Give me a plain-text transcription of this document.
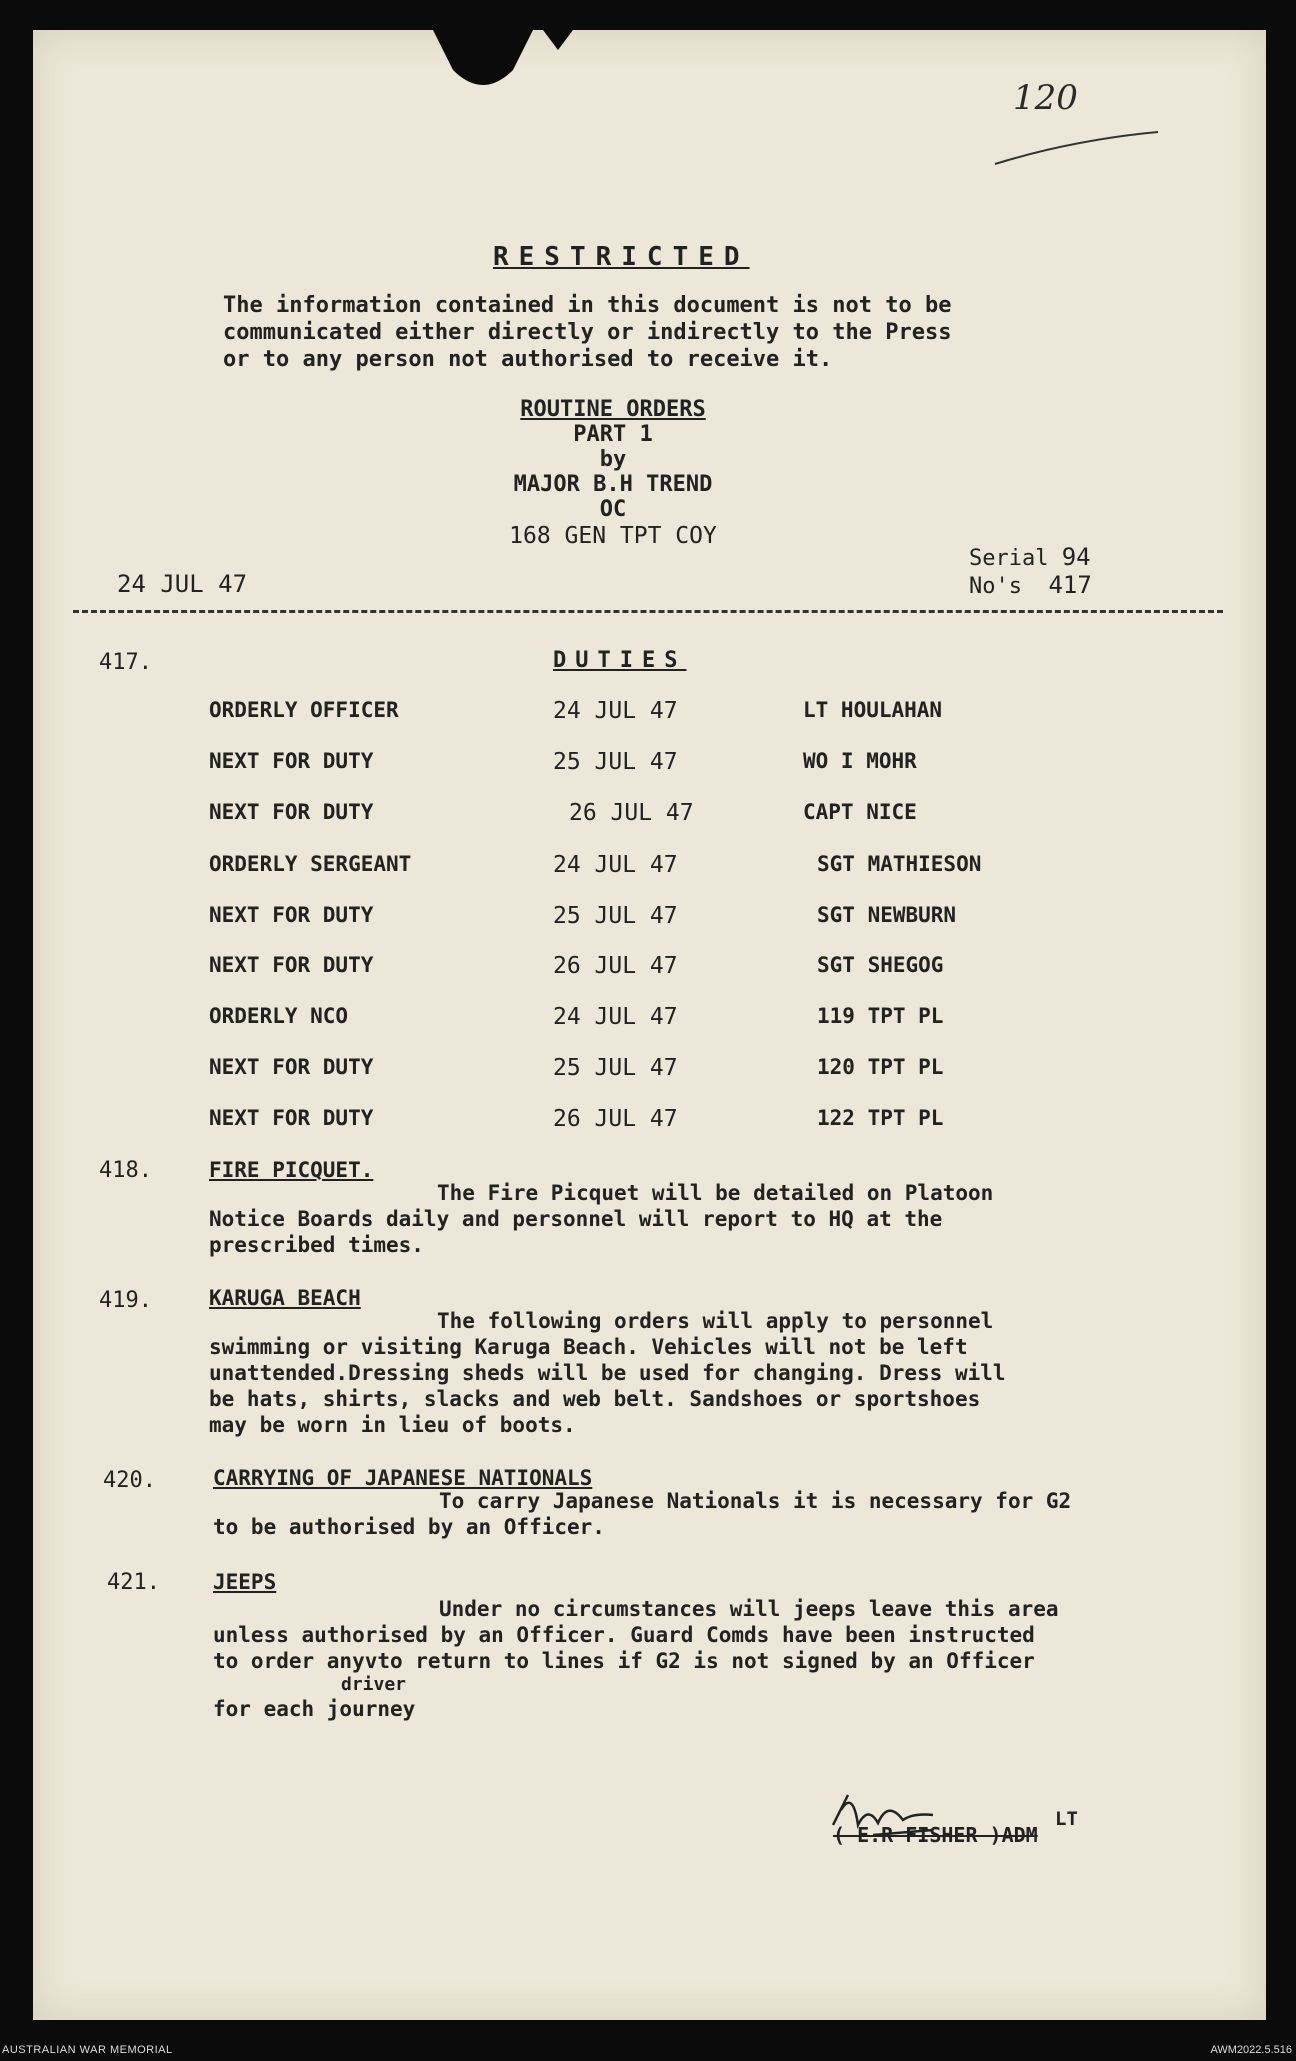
120
RESTRICTED
The information contained in this document is not to be
communicated either directly or indirectly to the Press
or to any person not authorised to receive it.
ROUTINE ORDERS
PART 1
by
MAJOR B.H TREND
OC
168 GEN TPT COY
24 JUL 47
Serial 94
No's 417
417.	DUTIES
ORDERLY OFFICER	24 JUL 47	LT HOULAHAN
NEXT FOR DUTY	25 JUL 47	WO I MOHR
NEXT FOR DUTY	26 JUL 47	CAPT NICE
ORDERLY SERGEANT	24 JUL 47	SGT MATHIESON
NEXT FOR DUTY	25 JUL 47	SGT NEWBURN
NEXT FOR DUTY	26 JUL 47	SGT SHEGOG
ORDERLY NCO	24 JUL 47	119 TPT PL
NEXT FOR DUTY	25 JUL 47	120 TPT PL
NEXT FOR DUTY	26 JUL 47	122 TPT PL
418.	FIRE PICQUET.
The Fire Picquet will be detailed on Platoon
Notice Boards daily and personnel will report to HQ at the
prescribed times.
419.	KARUGA BEACH
The following orders will apply to personnel
swimming or visiting Karuga Beach. Vehicles will not be left
unattended.Dressing sheds will be used for changing. Dress will
be hats, shirts, slacks and web belt. Sandshoes or sportshoes
may be worn in lieu of boots.
420.	CARRYING OF JAPANESE NATIONALS
To carry Japanese Nationals it is necessary for G2
to be authorised by an Officer.
421.	JEEPS
Under no circumstances will jeeps leave this area
unless authorised by an Officer. Guard Comds have been instructed
to order anyvto return to lines if G2 is not signed by an Officer
driver
for each journey
LT
( E.R FISHER )ADM
AUSTRALIAN WAR MEMORIAL	AWM2022.5.516
